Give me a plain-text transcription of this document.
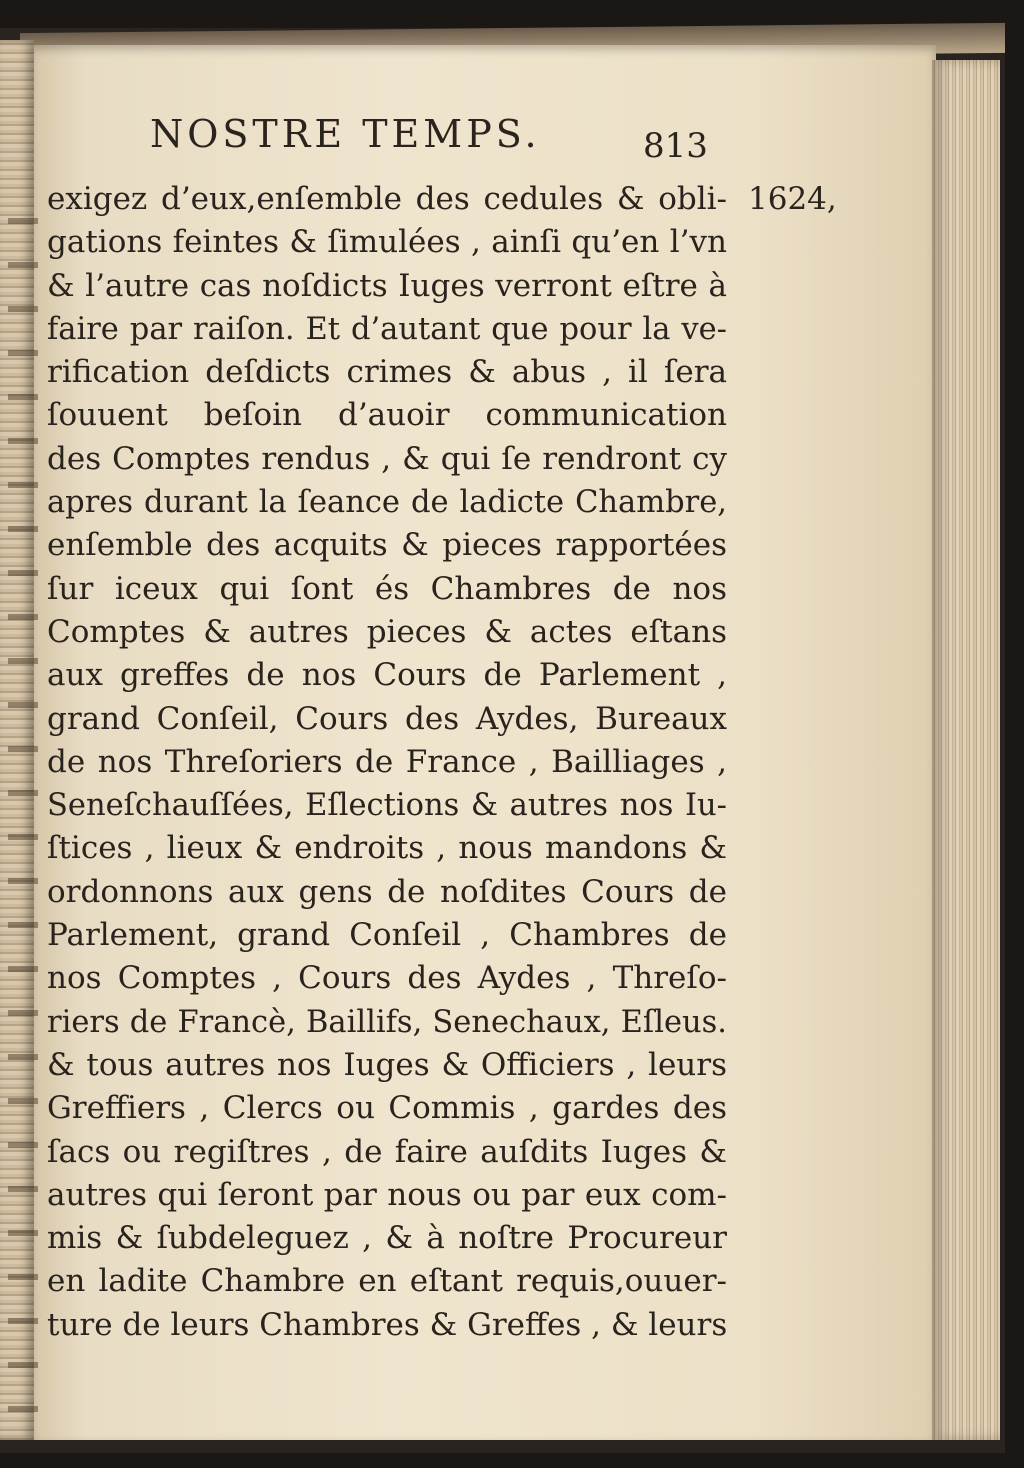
NOSTRE TEMPS.	813
1624,
exigez d’eux,enſemble des cedules & obli-
gations feintes & ſimulées , ainſi qu’en l’vn
& l’autre cas noſdicts Iuges verront eſtre à
faire par raiſon. Et d’autant que pour la ve-
rification deſdicts crimes & abus , il ſera
ſouuent beſoin d’auoir communication
des Comptes rendus , & qui ſe rendront cy
apres durant la ſeance de ladicte Chambre,
enſemble des acquits & pieces rapportées
ſur iceux qui ſont és Chambres de nos
Comptes & autres pieces & actes eſtans
aux greffes de nos Cours de Parlement ,
grand Conſeil, Cours des Aydes, Bureaux
de nos Threſoriers de France , Bailliages ,
Seneſchauſſées, Eſlections & autres nos Iu-
ſtices , lieux & endroits , nous mandons &
ordonnons aux gens de noſdites Cours de
Parlement, grand Conſeil , Chambres de
nos Comptes , Cours des Aydes , Threſo-
riers de Francè, Baillifs, Senechaux, Eſleus.
& tous autres nos Iuges & Officiers , leurs
Greffiers , Clercs ou Commis , gardes des
ſacs ou regiſtres , de faire auſdits Iuges &
autres qui ſeront par nous ou par eux com-
mis & ſubdeleguez , & à noſtre Procureur
en ladite Chambre en eſtant requis,ouuer-
ture de leurs Chambres & Greffes , & leurs
